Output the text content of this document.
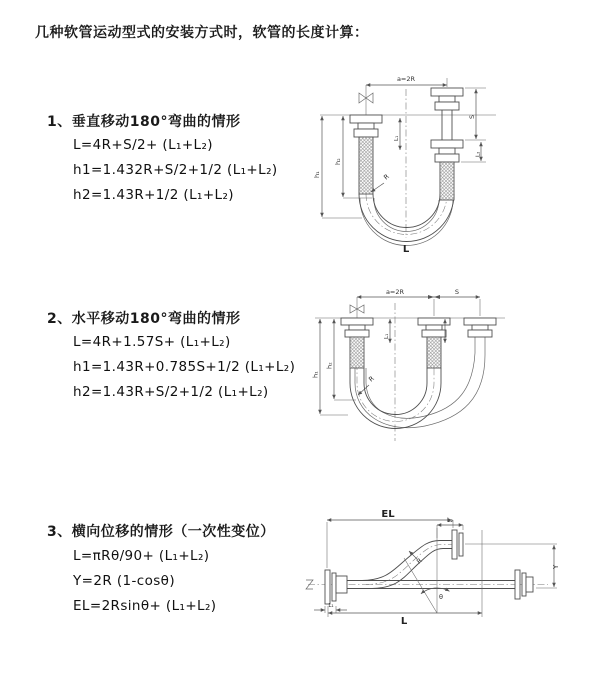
几种软管运动型式的安装方式时，软管的长度计算：
1、垂直移动180°弯曲的情形
L=4R+S/2+ (L₁+L₂)
h1=1.432R+S/2+1/2 (L₁+L₂)
h2=1.43R+1/2 (L₁+L₂)
2、水平移动180°弯曲的情形
L=4R+1.57S+ (L₁+L₂)
h1=1.43R+0.785S+1/2 (L₁+L₂)
h2=1.43R+S/2+1/2 (L₁+L₂)
3、横向位移的情形（一次性变位）
L=πRθ/90+ (L₁+L₂)
Y=2R (1-cosθ)
EL=2Rsinθ+ (L₁+L₂)
a=2R
L₁
S
L₂
h₁
h₂
R
L
a=2R	S
L₁
h₁
h₂
R
EL	L₂
Y
θ
R
L₁
L
